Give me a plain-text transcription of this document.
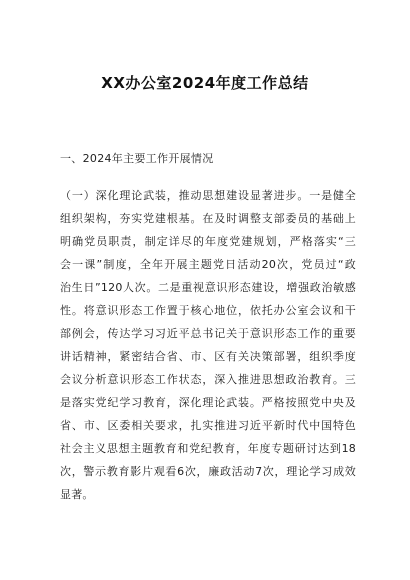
XX办公室2024年度工作总结
一、2024年主要工作开展情况
（一）深化理论武装，推动思想建设显著进步。一是健全
组织架构，夯实党建根基。在及时调整支部委员的基础上
明确党员职责，制定详尽的年度党建规划，严格落实“三
会一课”制度，全年开展主题党日活动20次，党员过“政
治生日”120人次。二是重视意识形态建设，增强政治敏感
性。将意识形态工作置于核心地位，依托办公室会议和干
部例会，传达学习习近平总书记关于意识形态工作的重要
讲话精神，紧密结合省、市、区有关决策部署，组织季度
会议分析意识形态工作状态，深入推进思想政治教育。三
是落实党纪学习教育，深化理论武装。严格按照党中央及
省、市、区委相关要求，扎实推进习近平新时代中国特色
社会主义思想主题教育和党纪教育，年度专题研讨达到18
次，警示教育影片观看6次，廉政活动7次，理论学习成效
显著。
